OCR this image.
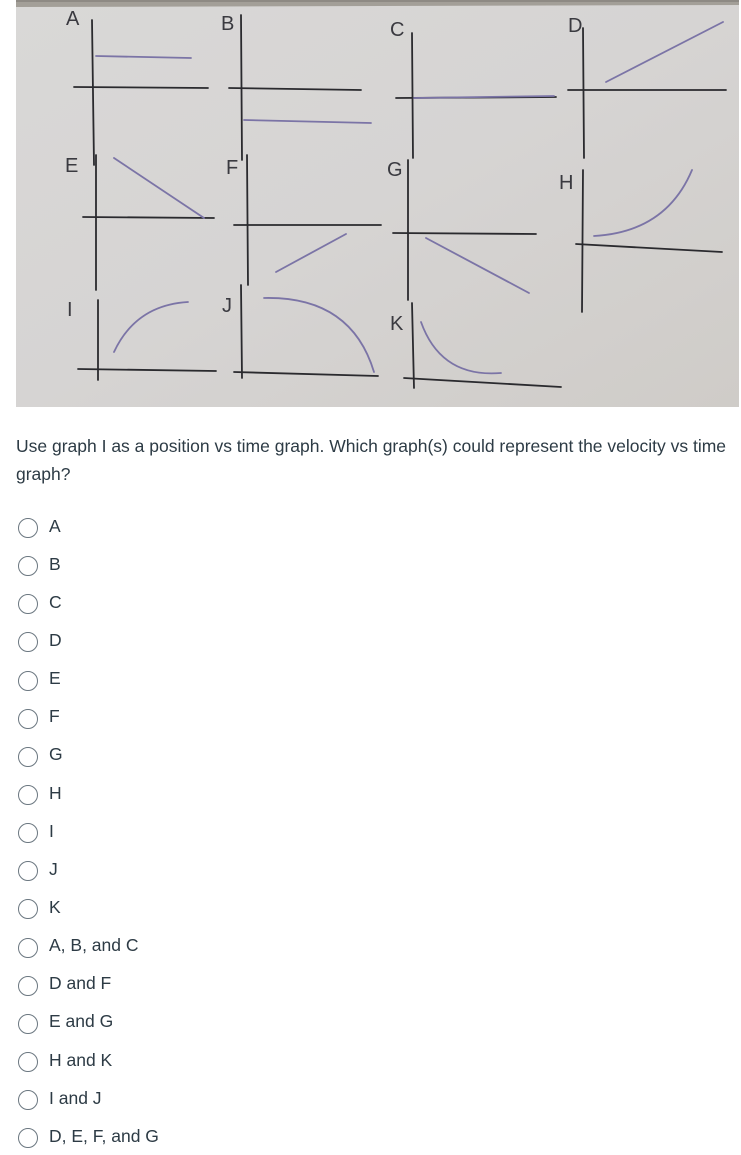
A	B	C	D
E	F	G
H
I	J
K
Use graph I as a position vs time graph. Which graph(s) could represent the velocity vs time graph?
A
B
C
D
E
F
G
H
I
J
K
A, B, and C
D and F
E and G
H and K
I and J
D, E, F, and G
